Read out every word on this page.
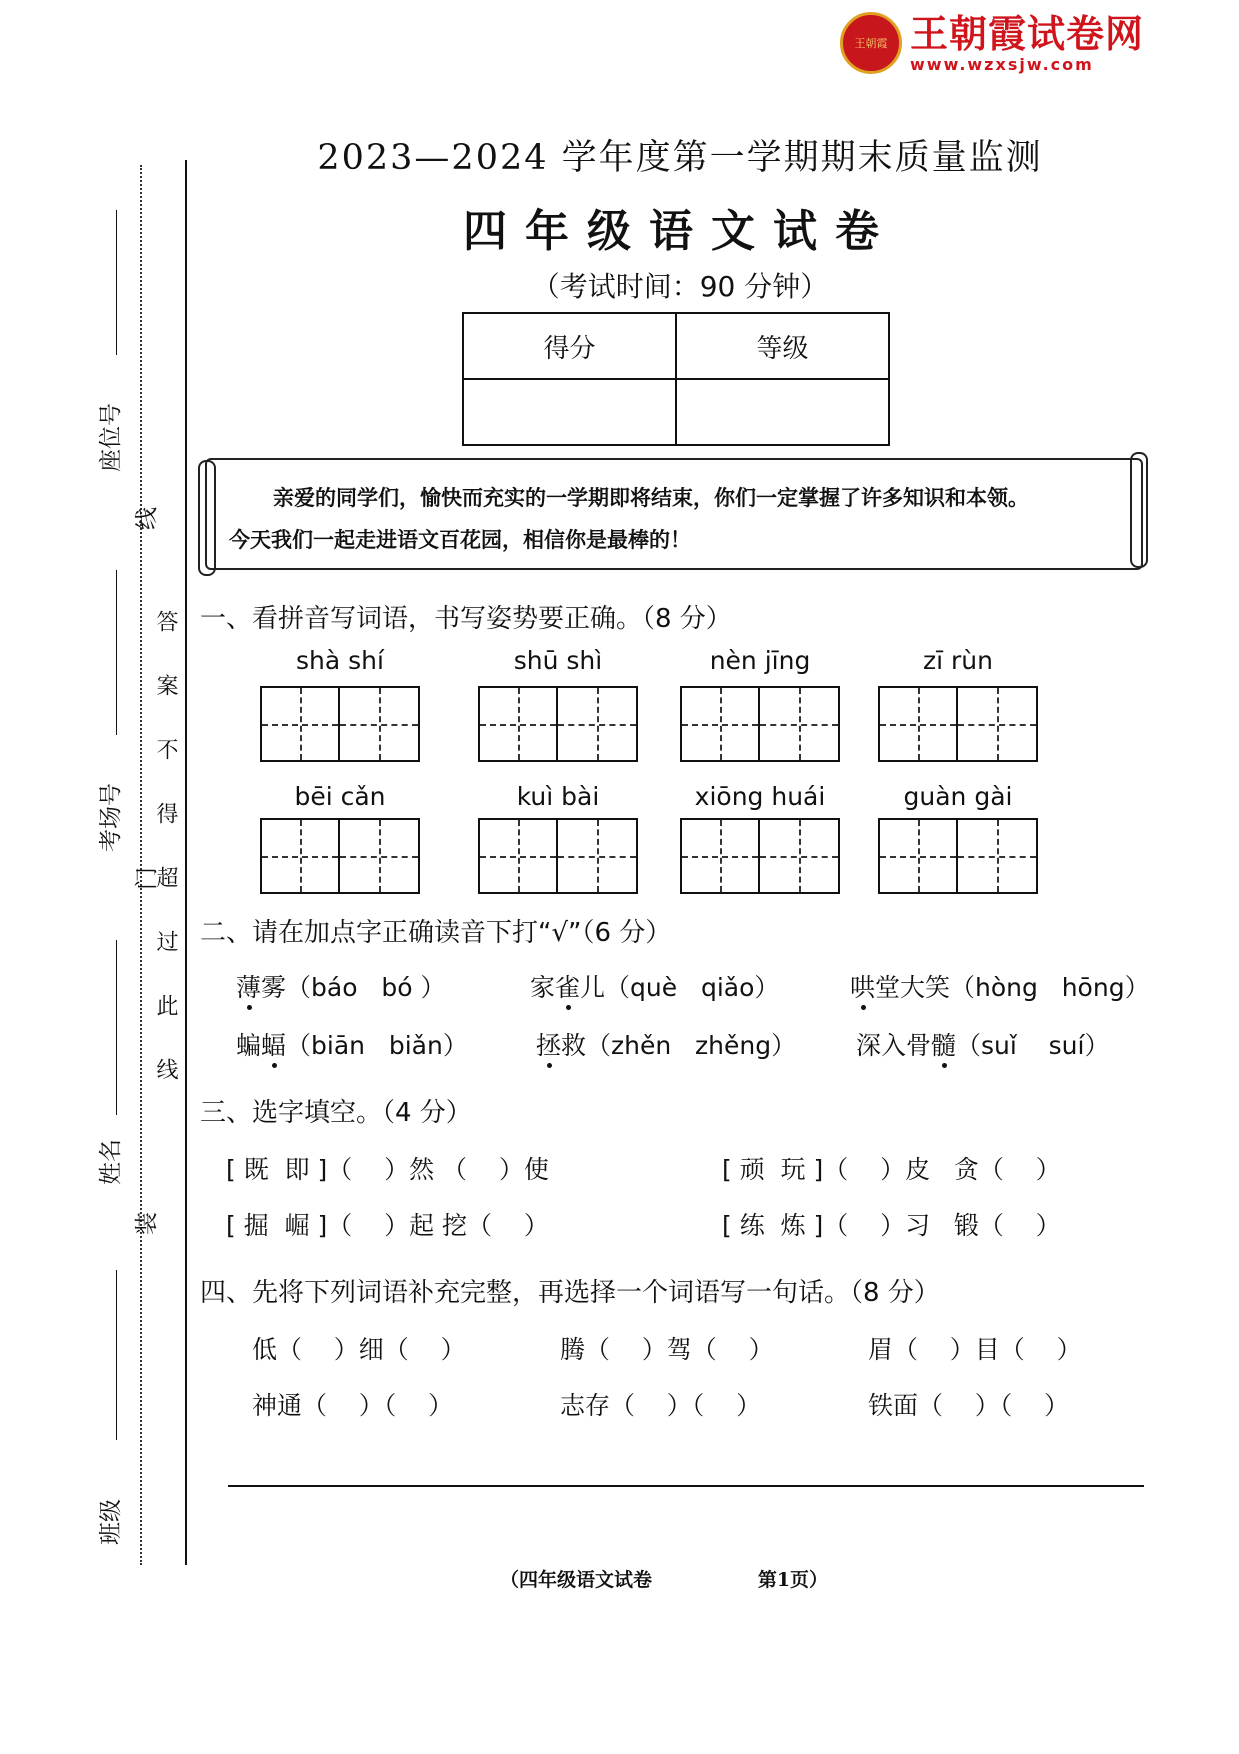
王朝霞 王朝霞试卷网
www.wzxsjw.com
座位号
考场号
姓名
班级
线
门
装
答案不得超过此线
2023—2024 学年度第一学期期末质量监测
四年级语文试卷
（考试时间：90 分钟）
得分	等级

亲爱的同学们，愉快而充实的一学期即将结束，你们一定掌握了许多知识和本领。
今天我们一起走进语文百花园，相信你是最棒的！
一、看拼音写词语，书写姿势要正确。（8 分）
shà shí	shū shì	nèn jīng	zī rùn
bēi cǎn	kuì bài	xiōng huái	guàn gài
二、请在加点字正确读音下打“√”（6 分）
薄雾（báo   bó ）	家雀儿（què   qiǎo）	哄堂大笑（hòng   hōng）
蝙蝠（biān   biǎn）	拯救（zhěn   zhěng） 深入骨髓（suǐ    suí）
三、选字填空。（4 分）
[ 既  即 ]（    ）然 （    ）使	[ 顽  玩 ]（    ）皮   贪（    ）
[ 掘  崛 ]（    ）起 挖（    ）	[ 练  炼 ]（    ）习   锻（    ）
四、先将下列词语补充完整，再选择一个词语写一句话。（8 分）
低（    ）细（    ）	腾（    ）驾（    ）	眉（    ）目（    ）
神通（    ）（    ）	志存（    ）（    ）	铁面（    ）（    ）
（四年级语文试卷                第1页）
